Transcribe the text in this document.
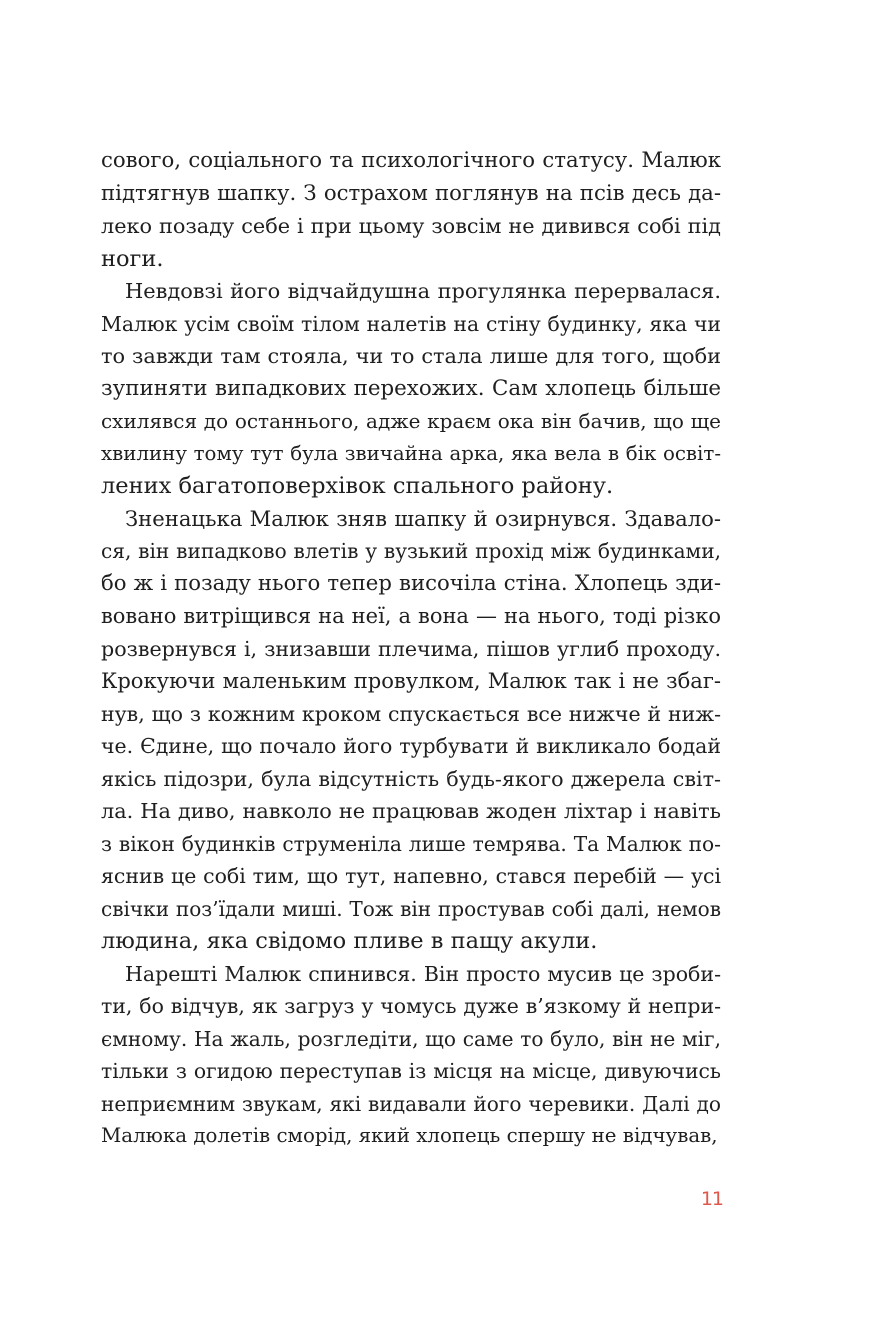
сового, соціального та психологічного статусу. Малюк
підтягнув шапку. З острахом поглянув на псів десь да-
леко позаду себе і при цьому зовсім не дивився собі під
ноги.
Невдовзі його відчайдушна прогулянка перервалася.
Малюк усім своїм тілом налетів на стіну будинку, яка чи
то завжди там стояла, чи то стала лише для того, щоби
зупиняти випадкових перехожих. Сам хлопець більше
схилявся до останнього, адже краєм ока він бачив, що ще
хвилину тому тут була звичайна арка, яка вела в бік освіт-
лених багатоповерхівок спального району.
Зненацька Малюк зняв шапку й озирнувся. Здавало-
ся, він випадково влетів у вузький прохід між будинками,
бо ж і позаду нього тепер височіла стіна. Хлопець зди-
вовано витріщився на неї, а вона — на нього, тоді різко
розвернувся і, знизавши плечима, пішов углиб проходу.
Крокуючи маленьким провулком, Малюк так і не збаг-
нув, що з кожним кроком спускається все нижче й ниж-
че. Єдине, що почало його турбувати й викликало бодай
якісь підозри, була відсутність будь-якого джерела світ-
ла. На диво, навколо не працював жоден ліхтар і навіть
з вікон будинків струменіла лише темрява. Та Малюк по-
яснив це собі тим, що тут, напевно, стався перебій — усі
свічки поз’їдали миші. Тож він простував собі далі, немов
людина, яка свідомо пливе в пащу акули.
Нарешті Малюк спинився. Він просто мусив це зроби-
ти, бо відчув, як загруз у чомусь дуже в’язкому й непри-
ємному. На жаль, розгледіти, що саме то було, він не міг,
тільки з огидою переступав із місця на місце, дивуючись
неприємним звукам, які видавали його черевики. Далі до
Малюка долетів сморід, який хлопець спершу не відчував,
11
